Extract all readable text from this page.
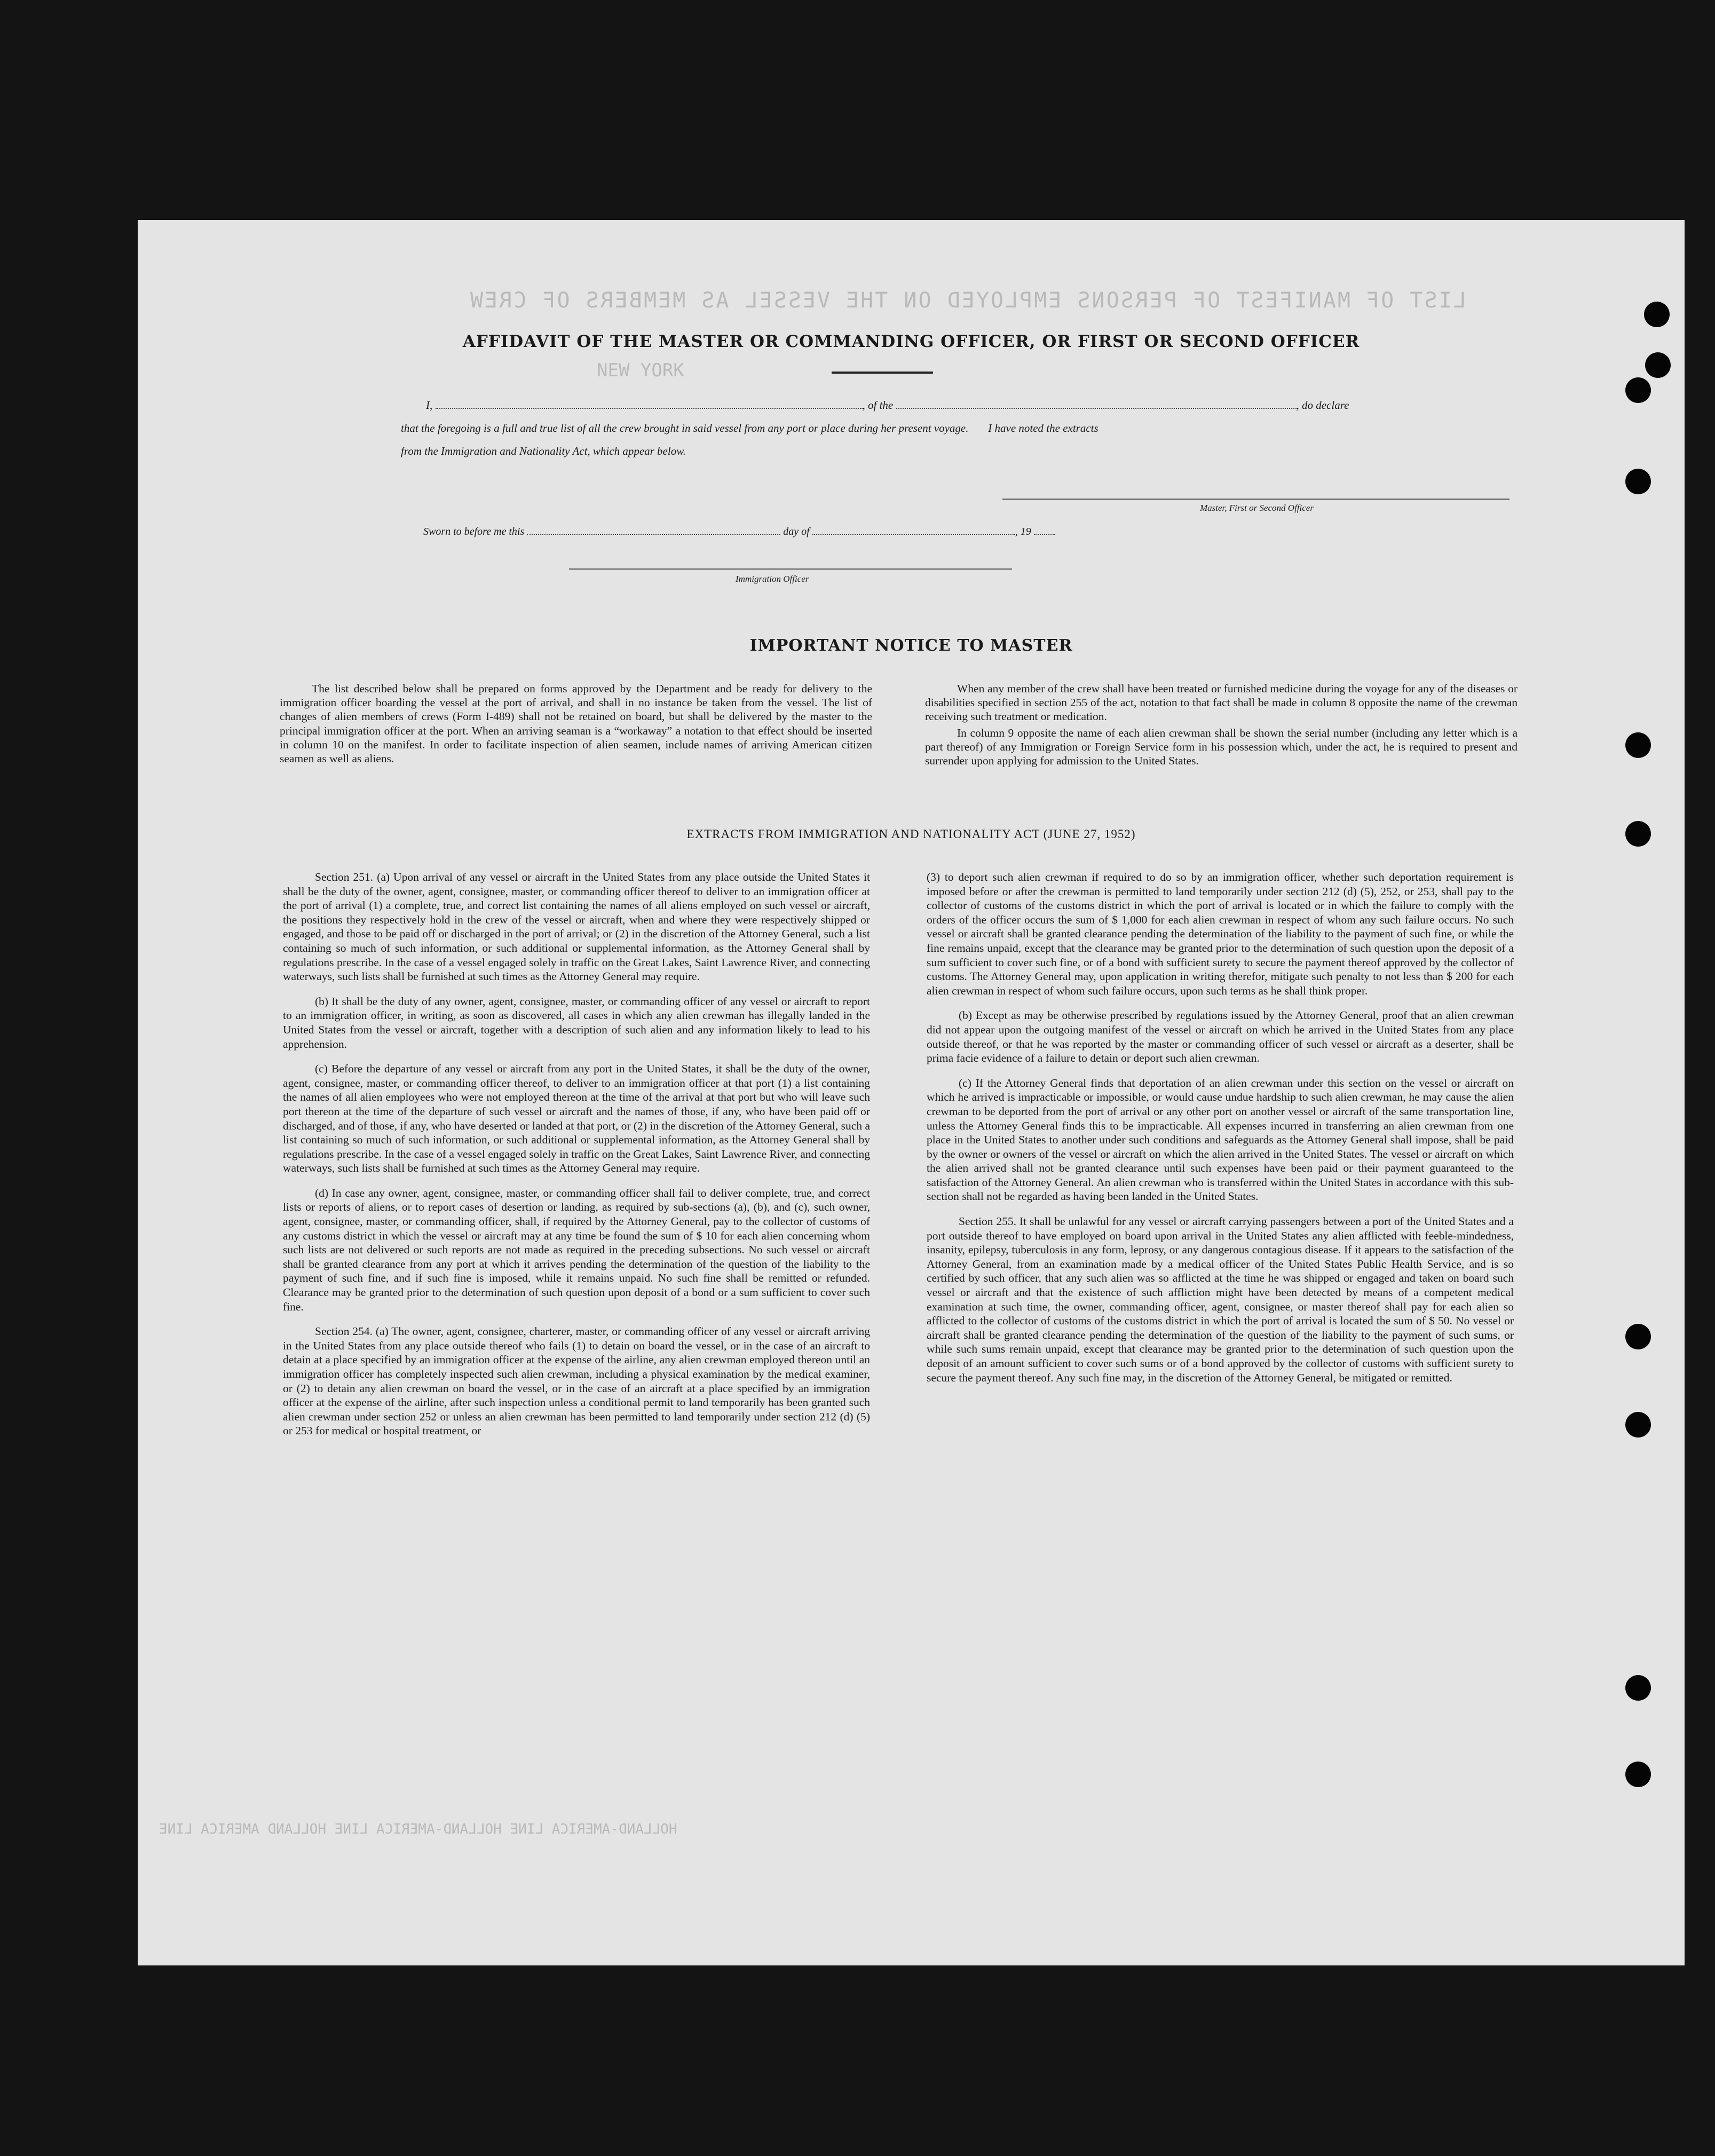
LIST OF MANIFEST OF PERSONS EMPLOYED ON THE VESSEL AS MEMBERS OF CREW
NEW YORK
HOLLAND-AMERICA LINE HOLLAND-AMERICA LINE HOLLAND AMERICA LINE
AFFIDAVIT OF THE MASTER OR COMMANDING OFFICER, OR FIRST OR SECOND OFFICER
I,	, of the	, do declare
that the foregoing is a full and true list of all the crew brought in said vessel from any port or place during her present voyage.       I have noted the extracts
from the Immigration and Nationality Act, which appear below.
Master, First or Second Officer
Sworn to before me this	day of	, 19
Immigration Officer
IMPORTANT NOTICE TO MASTER

The list described below shall be prepared on forms approved by the Department and be ready for delivery to the immigration officer boarding the vessel at the port of arrival, and shall in no instance be taken from the vessel. The list of changes of alien members of crews (Form I-489) shall not be retained on board, but shall be delivered by the master to the principal immigration officer at the port. When an arriving seaman is a “workaway” a notation to that effect should be inserted in column 10 on the manifest. In order to facilitate inspection of alien seamen, include names of arriving American citizen seamen as well as aliens.

When any member of the crew shall have been treated or furnished medicine during the voyage for any of the diseases or disabilities specified in section 255 of the act, notation to that fact shall be made in column 8 opposite the name of the crewman receiving such treatment or medication.

In column 9 opposite the name of each alien crewman shall be shown the serial number (including any letter which is a part thereof) of any Immigration or Foreign Service form in his possession which, under the act, he is required to present and surrender upon applying for admission to the United States.

EXTRACTS FROM IMMIGRATION AND NATIONALITY ACT (JUNE 27, 1952)

Section 251. (a) Upon arrival of any vessel or aircraft in the United States from any place outside the United States it shall be the duty of the owner, agent, consignee, master, or commanding officer thereof to deliver to an immigration officer at the port of arrival (1) a complete, true, and correct list containing the names of all aliens employed on such vessel or aircraft, the positions they respectively hold in the crew of the vessel or aircraft, when and where they were respectively shipped or engaged, and those to be paid off or discharged in the port of arrival; or (2) in the discretion of the Attorney General, such a list containing so much of such information, or such additional or supplemental information, as the Attorney General shall by regulations prescribe. In the case of a vessel engaged solely in traffic on the Great Lakes, Saint Lawrence River, and connecting waterways, such lists shall be furnished at such times as the Attorney General may require.

(b) It shall be the duty of any owner, agent, consignee, master, or commanding officer of any vessel or aircraft to report to an immigration officer, in writing, as soon as discovered, all cases in which any alien crewman has illegally landed in the United States from the vessel or aircraft, together with a description of such alien and any information likely to lead to his apprehension.

(c) Before the departure of any vessel or aircraft from any port in the United States, it shall be the duty of the owner, agent, consignee, master, or commanding officer thereof, to deliver to an immigration officer at that port (1) a list containing the names of all alien employees who were not employed thereon at the time of the arrival at that port but who will leave such port thereon at the time of the departure of such vessel or aircraft and the names of those, if any, who have been paid off or discharged, and of those, if any, who have deserted or landed at that port, or (2) in the discretion of the Attorney General, such a list containing so much of such information, or such additional or supplemental information, as the Attorney General shall by regulations prescribe. In the case of a vessel engaged solely in traffic on the Great Lakes, Saint Lawrence River, and connecting waterways, such lists shall be furnished at such times as the Attorney General may require.

(d) In case any owner, agent, consignee, master, or commanding officer shall fail to deliver complete, true, and correct lists or reports of aliens, or to report cases of desertion or landing, as required by sub-sections (a), (b), and (c), such owner, agent, consignee, master, or commanding officer, shall, if required by the Attorney General, pay to the collector of customs of any customs district in which the vessel or aircraft may at any time be found the sum of $ 10 for each alien concerning whom such lists are not delivered or such reports are not made as required in the preceding subsections. No such vessel or aircraft shall be granted clearance from any port at which it arrives pending the determination of the question of the liability to the payment of such fine, and if such fine is imposed, while it remains unpaid. No such fine shall be remitted or refunded. Clearance may be granted prior to the determination of such question upon deposit of a bond or a sum sufficient to cover such fine.

Section 254. (a) The owner, agent, consignee, charterer, master, or commanding officer of any vessel or aircraft arriving in the United States from any place outside thereof who fails (1) to detain on board the vessel, or in the case of an aircraft to detain at a place specified by an immigration officer at the expense of the airline, any alien crewman employed thereon until an immigration officer has completely inspected such alien crewman, including a physical examination by the medical examiner, or (2) to detain any alien crewman on board the vessel, or in the case of an aircraft at a place specified by an immigration officer at the expense of the airline, after such inspection unless a conditional permit to land temporarily has been granted such alien crewman under section 252 or unless an alien crewman has been permitted to land temporarily under section 212 (d) (5) or 253 for medical or hospital treatment, or

(3) to deport such alien crewman if required to do so by an immigration officer, whether such deportation requirement is imposed before or after the crewman is permitted to land temporarily under section 212 (d) (5), 252, or 253, shall pay to the collector of customs of the customs district in which the port of arrival is located or in which the failure to comply with the orders of the officer occurs the sum of $ 1,000 for each alien crewman in respect of whom any such failure occurs. No such vessel or aircraft shall be granted clearance pending the determination of the liability to the payment of such fine, or while the fine remains unpaid, except that the clearance may be granted prior to the determination of such question upon the deposit of a sum sufficient to cover such fine, or of a bond with sufficient surety to secure the payment thereof approved by the collector of customs. The Attorney General may, upon application in writing therefor, mitigate such penalty to not less than $ 200 for each alien crewman in respect of whom such failure occurs, upon such terms as he shall think proper.

(b) Except as may be otherwise prescribed by regulations issued by the Attorney General, proof that an alien crewman did not appear upon the outgoing manifest of the vessel or aircraft on which he arrived in the United States from any place outside thereof, or that he was reported by the master or commanding officer of such vessel or aircraft as a deserter, shall be prima facie evidence of a failure to detain or deport such alien crewman.

(c) If the Attorney General finds that deportation of an alien crewman under this section on the vessel or aircraft on which he arrived is impracticable or impossible, or would cause undue hardship to such alien crewman, he may cause the alien crewman to be deported from the port of arrival or any other port on another vessel or aircraft of the same transportation line, unless the Attorney General finds this to be impracticable. All expenses incurred in transferring an alien crewman from one place in the United States to another under such conditions and safeguards as the Attorney General shall impose, shall be paid by the owner or owners of the vessel or aircraft on which the alien arrived in the United States. The vessel or aircraft on which the alien arrived shall not be granted clearance until such expenses have been paid or their payment guaranteed to the satisfaction of the Attorney General. An alien crewman who is transferred within the United States in accordance with this sub-section shall not be regarded as having been landed in the United States.

Section 255. It shall be unlawful for any vessel or aircraft carrying passengers between a port of the United States and a port outside thereof to have employed on board upon arrival in the United States any alien afflicted with feeble-mindedness, insanity, epilepsy, tuberculosis in any form, leprosy, or any dangerous contagious disease. If it appears to the satisfaction of the Attorney General, from an examination made by a medical officer of the United States Public Health Service, and is so certified by such officer, that any such alien was so afflicted at the time he was shipped or engaged and taken on board such vessel or aircraft and that the existence of such affliction might have been detected by means of a competent medical examination at such time, the owner, commanding officer, agent, consignee, or master thereof shall pay for each alien so afflicted to the collector of customs of the customs district in which the port of arrival is located the sum of $ 50. No vessel or aircraft shall be granted clearance pending the determination of the question of the liability to the payment of such sums, or while such sums remain unpaid, except that clearance may be granted prior to the determination of such question upon the deposit of an amount sufficient to cover such sums or of a bond approved by the collector of customs with sufficient surety to secure the payment thereof. Any such fine may, in the discretion of the Attorney General, be mitigated or remitted.
